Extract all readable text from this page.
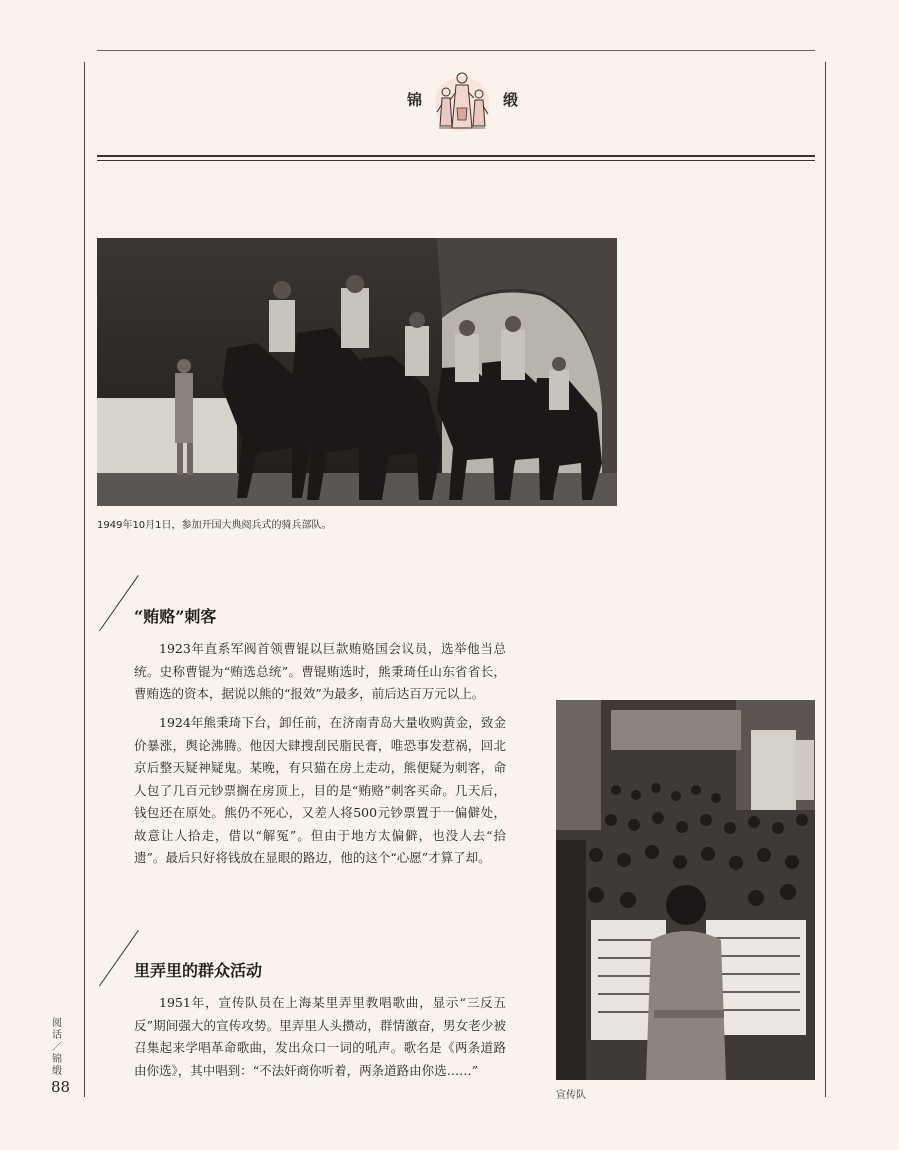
锦	缎
1949年10月1日，参加开国大典阅兵式的骑兵部队。
“贿赂”刺客

1923年直系军阀首领曹锟以巨款贿赂国会议员，选举他当总统。史称曹锟为“贿选总统”。曹锟贿选时，熊秉琦任山东省省长，曹贿选的资本，据说以熊的“报效”为最多，前后达百万元以上。

1924年熊秉琦下台，卸任前，在济南青岛大量收购黄金，致金价暴涨，舆论沸腾。他因大肆搜刮民脂民膏，唯恐事发惹祸，回北京后整天疑神疑鬼。某晚，有只猫在房上走动，熊便疑为刺客，命人包了几百元钞票搁在房顶上，目的是“贿赂”刺客买命。几天后，钱包还在原处。熊仍不死心，又差人将500元钞票置于一偏僻处，故意让人拾走，借以“解冤”。但由于地方太偏僻，也没人去“拾遗”。最后只好将钱放在显眼的路边，他的这个“心愿”才算了却。

里弄里的群众活动

1951年，宣传队员在上海某里弄里教唱歌曲，显示“三反五反”期间强大的宣传攻势。里弄里人头攒动，群情激奋，男女老少被召集起来学唱革命歌曲，发出众口一词的吼声。歌名是《两条道路由你选》，其中唱到：“不法奸商你听着，两条道路由你选……”

宣传队
阅话／锦缎
88
